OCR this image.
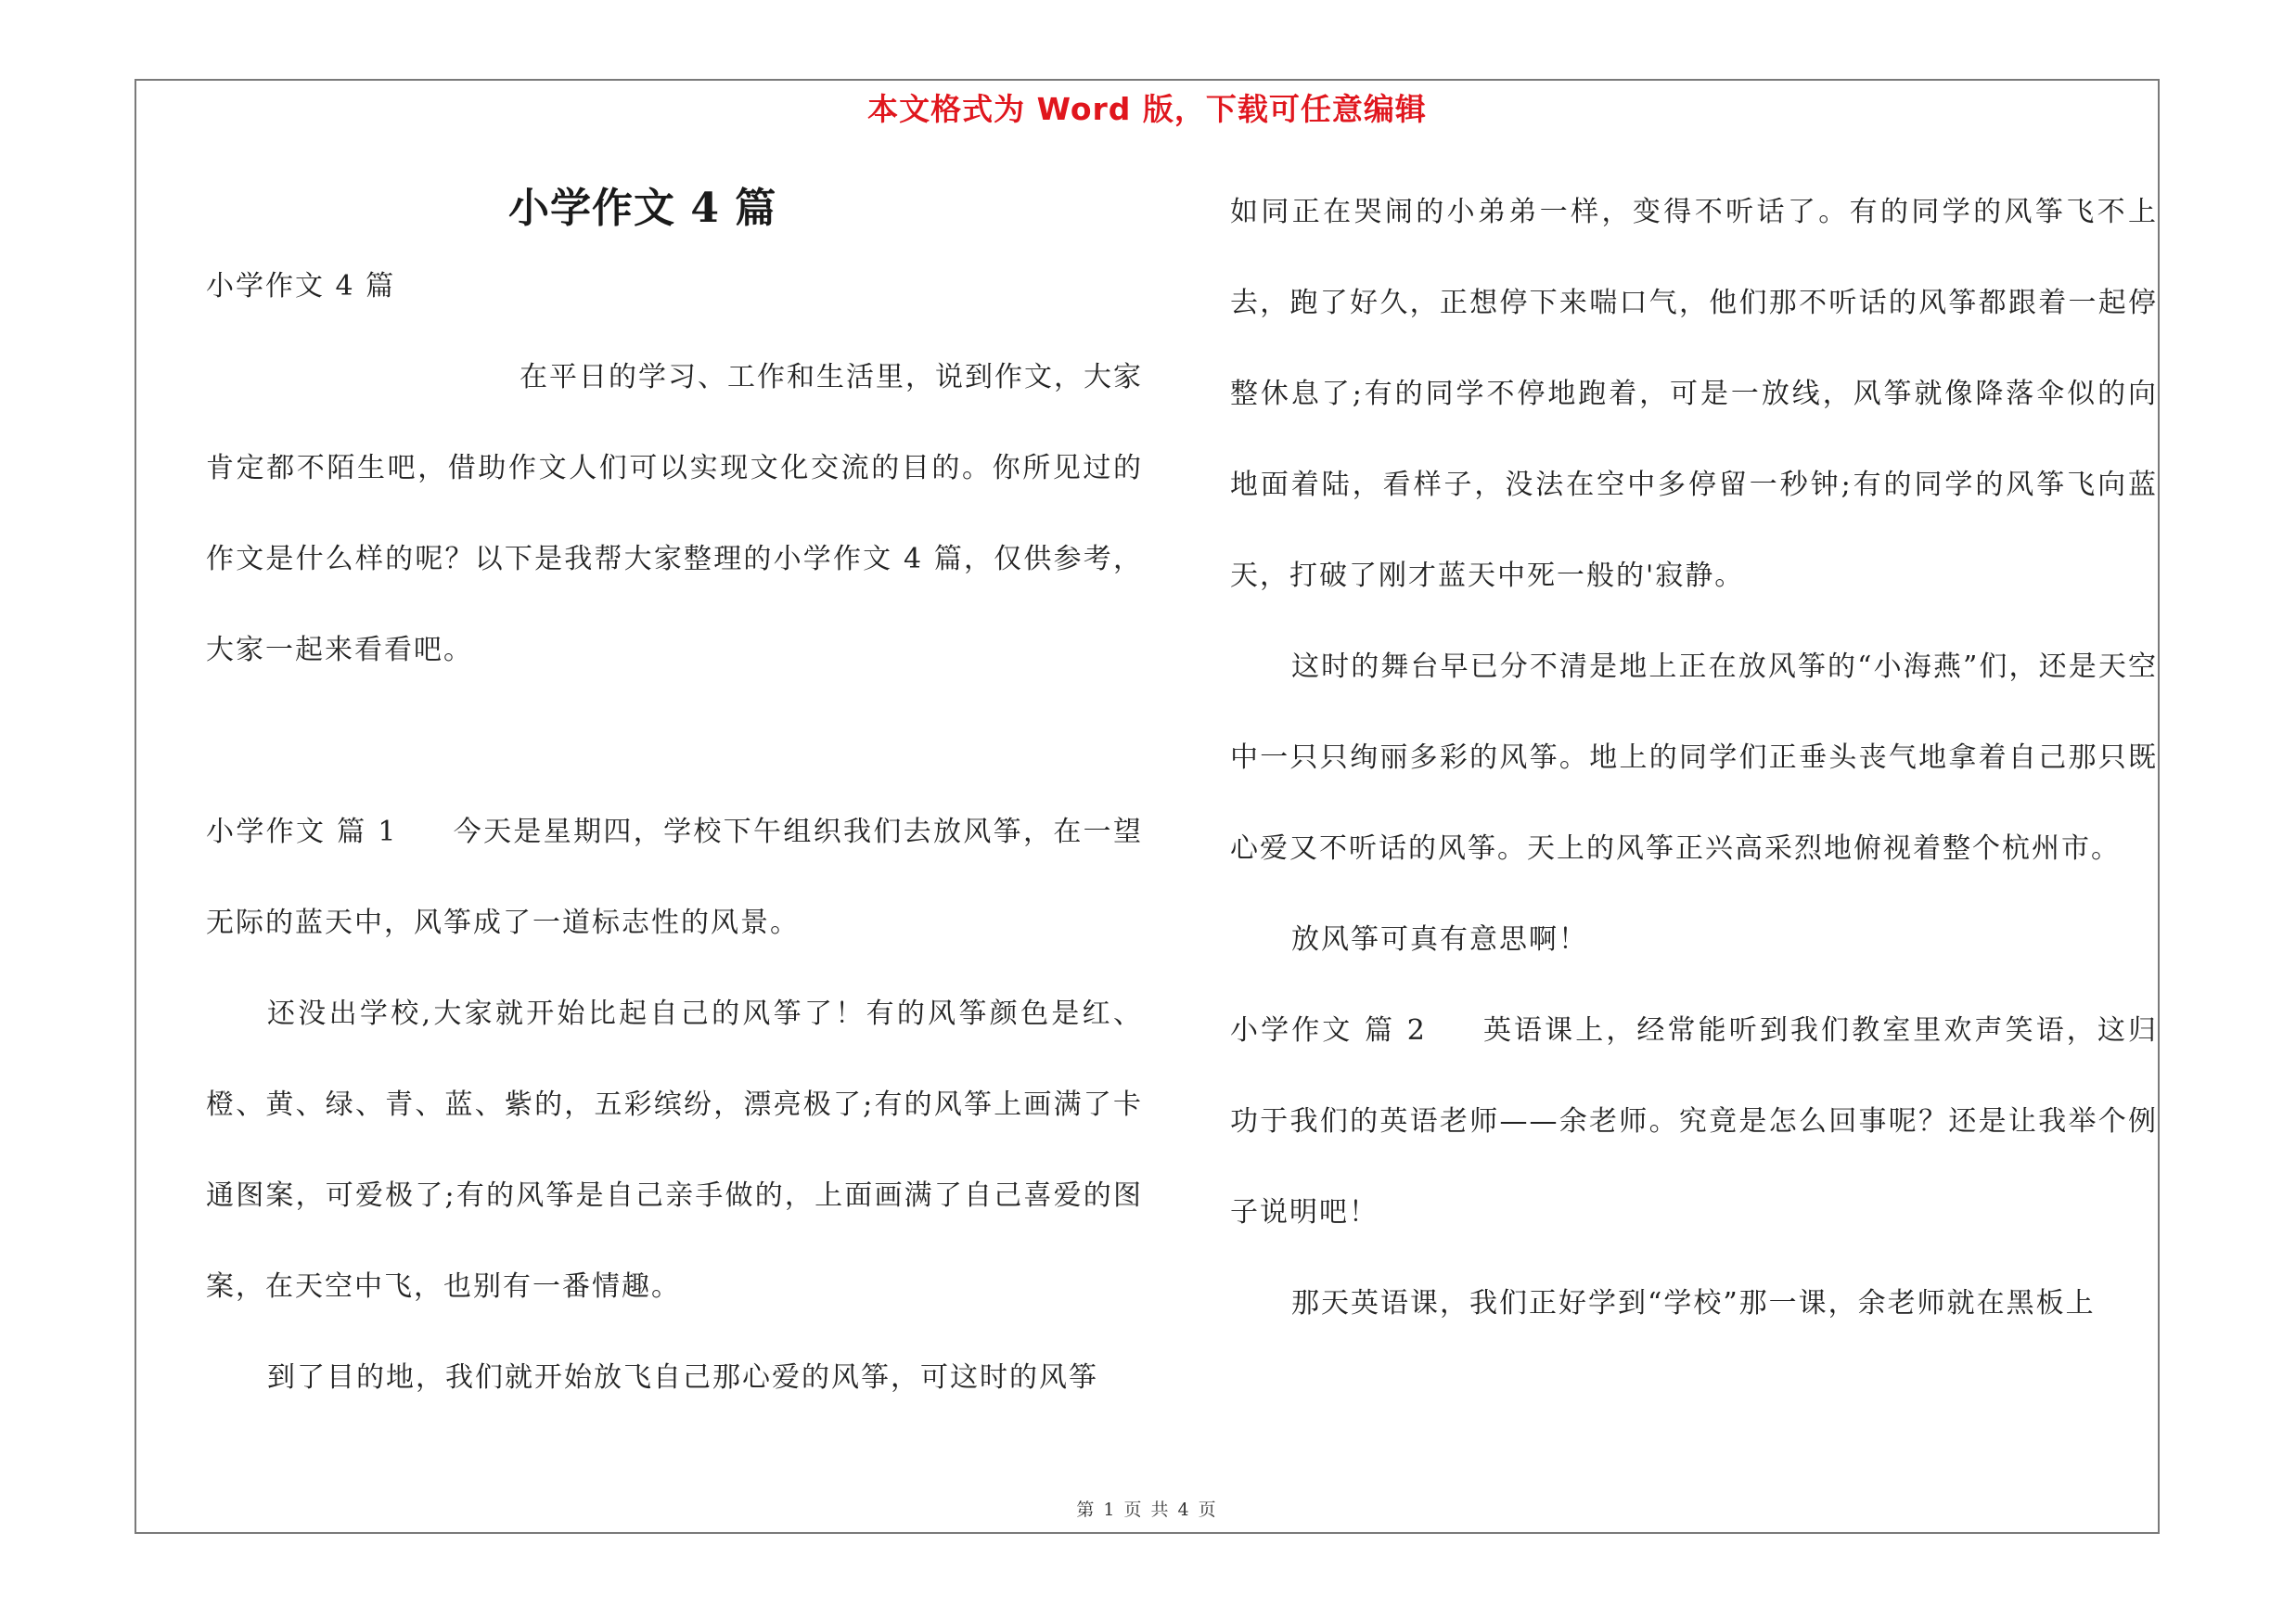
本文格式为 Word 版，下载可任意编辑

小学作文 4 篇

小学作文 4 篇

在平日的学习、工作和生活里，说到作文，大家肯定都不陌生吧，借助作文人们可以实现文化交流的目的。你所见过的作文是什么样的呢？以下是我帮大家整理的小学作文 4 篇，仅供参考，大家一起来看看吧。

小学作文 篇 1 今天是星期四，学校下午组织我们去放风筝，在一望无际的蓝天中，风筝成了一道标志性的风景。

还没出学校,大家就开始比起自己的风筝了！有的风筝颜色是红、橙、黄、绿、青、蓝、紫的，五彩缤纷，漂亮极了;有的风筝上画满了卡通图案，可爱极了;有的风筝是自己亲手做的，上面画满了自己喜爱的图案，在天空中飞，也别有一番情趣。

到了目的地，我们就开始放飞自己那心爱的风筝，可这时的风筝

如同正在哭闹的小弟弟一样，变得不听话了。有的同学的风筝飞不上去，跑了好久，正想停下来喘口气，他们那不听话的风筝都跟着一起停整休息了;有的同学不停地跑着，可是一放线，风筝就像降落伞似的向地面着陆，看样子，没法在空中多停留一秒钟;有的同学的风筝飞向蓝天，打破了刚才蓝天中死一般的'寂静。

这时的舞台早已分不清是地上正在放风筝的“小海燕”们，还是天空中一只只绚丽多彩的风筝。地上的同学们正垂头丧气地拿着自己那只既心爱又不听话的风筝。天上的风筝正兴高采烈地俯视着整个杭州市。

放风筝可真有意思啊！

小学作文 篇 2 英语课上，经常能听到我们教室里欢声笑语，这归功于我们的英语老师——余老师。究竟是怎么回事呢？还是让我举个例子说明吧！

那天英语课，我们正好学到“学校”那一课，余老师就在黑板上

第 1 页 共 4 页
